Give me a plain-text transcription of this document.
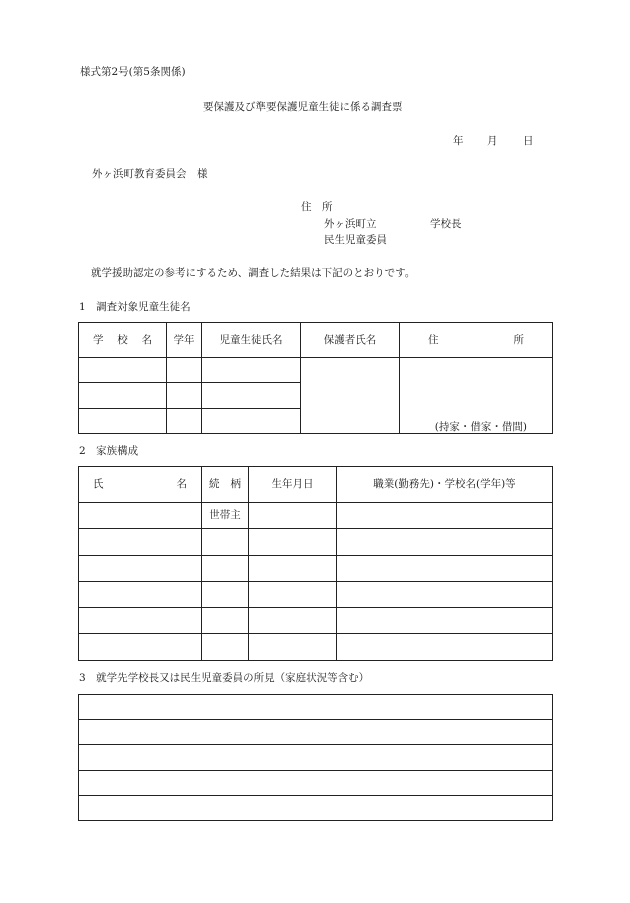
様式第2号(第5条関係)
要保護及び準要保護児童生徒に係る調査票
年 月 日
外ヶ浜町教育委員会　様
住　所
外ヶ浜町立	学校長
民生児童委員
就学援助認定の参考にするため、調査した結果は下記のとおりです。
1　調査対象児童生徒名
学 校 名	学年	児童生徒氏名	保護者氏名	住 所

				(持家・借家・借間)

2　家族構成
氏 名	続 柄	生年月日	職業(勤務先)・学校名(学年)等
	世帯主		

3　就学先学校長又は民生児童委員の所見（家庭状況等含む）
